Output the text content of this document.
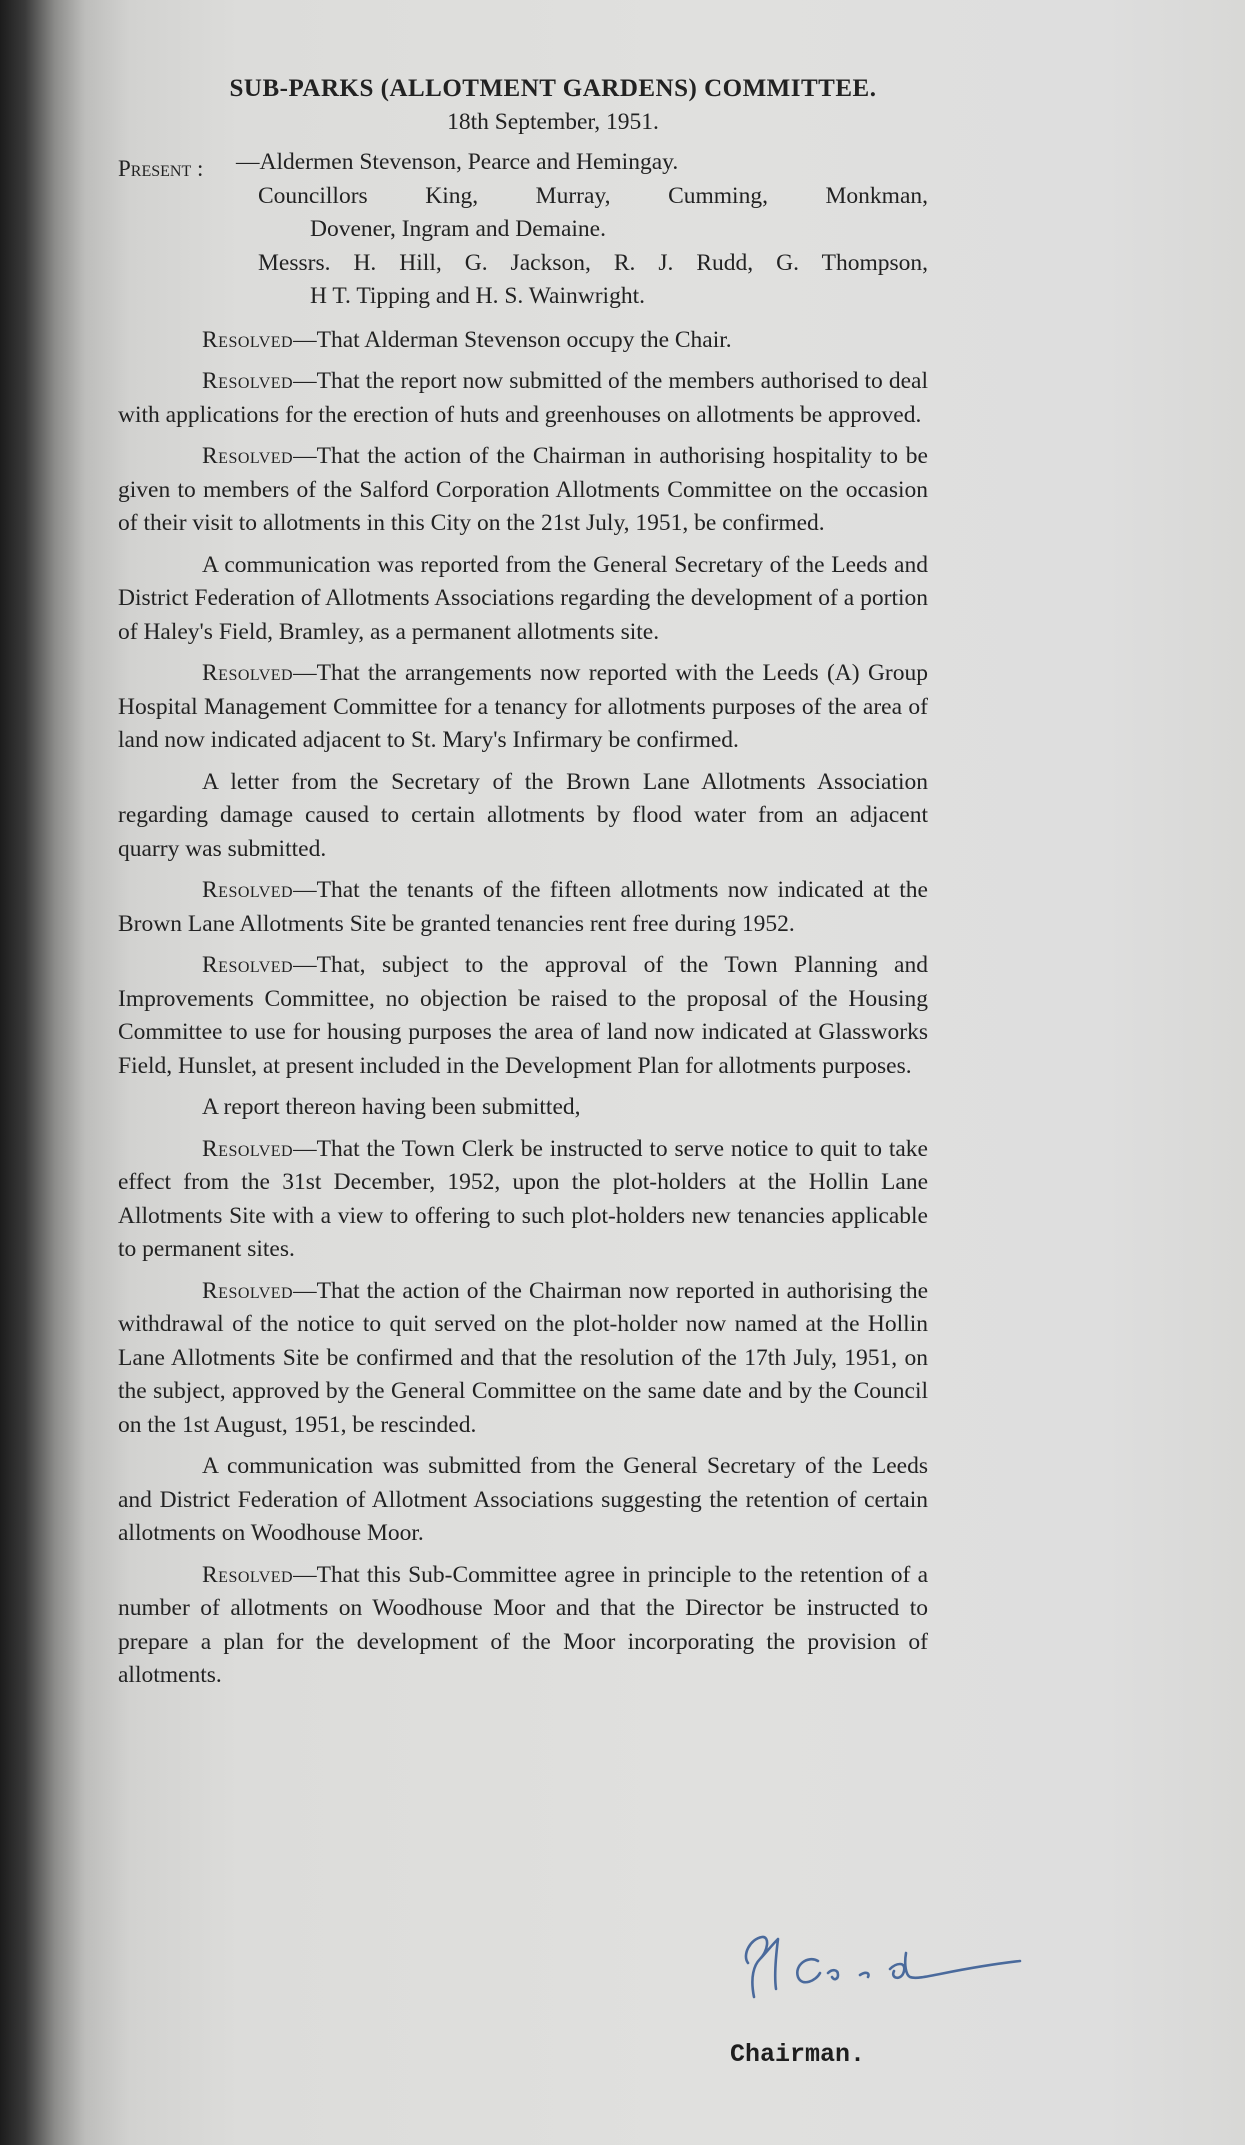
SUB-PARKS (ALLOTMENT GARDENS) COMMITTEE.
18th September, 1951.
Present :	—Aldermen Stevenson, Pearce and Hemingay.
Councillors King, Murray, Cumming, Monkman,
Dovener, Ingram and Demaine.
Messrs. H. Hill, G. Jackson, R. J. Rudd, G. Thompson,
H T. Tipping and H. S. Wainwright.

Resolved—That Alderman Stevenson occupy the Chair.

Resolved—That the report now submitted of the members authorised to deal with applications for the erection of huts and greenhouses on allotments be approved.

Resolved—That the action of the Chairman in authorising hospitality to be given to members of the Salford Corporation Allotments Committee on the occasion of their visit to allotments in this City on the 21st July, 1951, be confirmed.

A communication was reported from the General Secretary of the Leeds and District Federation of Allotments Associations regarding the development of a portion of Haley's Field, Bramley, as a permanent allotments site.

Resolved—That the arrangements now reported with the Leeds (A) Group Hospital Management Committee for a tenancy for allotments purposes of the area of land now indicated adjacent to St. Mary's Infirmary be confirmed.

A letter from the Secretary of the Brown Lane Allotments Association regarding damage caused to certain allotments by flood water from an adjacent quarry was submitted.

Resolved—That the tenants of the fifteen allotments now indicated at the Brown Lane Allotments Site be granted tenancies rent free during 1952.

Resolved—That, subject to the approval of the Town Planning and Improvements Committee, no objection be raised to the proposal of the Housing Committee to use for housing purposes the area of land now indicated at Glassworks Field, Hunslet, at present included in the Development Plan for allotments purposes.

A report thereon having been submitted,

Resolved—That the Town Clerk be instructed to serve notice to quit to take effect from the 31st December, 1952, upon the plot-holders at the Hollin Lane Allotments Site with a view to offering to such plot-holders new tenancies applicable to permanent sites.

Resolved—That the action of the Chairman now reported in authorising the withdrawal of the notice to quit served on the plot-holder now named at the Hollin Lane Allotments Site be confirmed and that the resolution of the 17th July, 1951, on the subject, approved by the General Committee on the same date and by the Council on the 1st August, 1951, be rescinded.

A communication was submitted from the General Secretary of the Leeds and District Federation of Allotment Associations suggesting the retention of certain allotments on Woodhouse Moor.

Resolved—That this Sub-Committee agree in principle to the retention of a number of allotments on Woodhouse Moor and that the Director be instructed to prepare a plan for the development of the Moor incorporating the provision of allotments.

Chairman.
